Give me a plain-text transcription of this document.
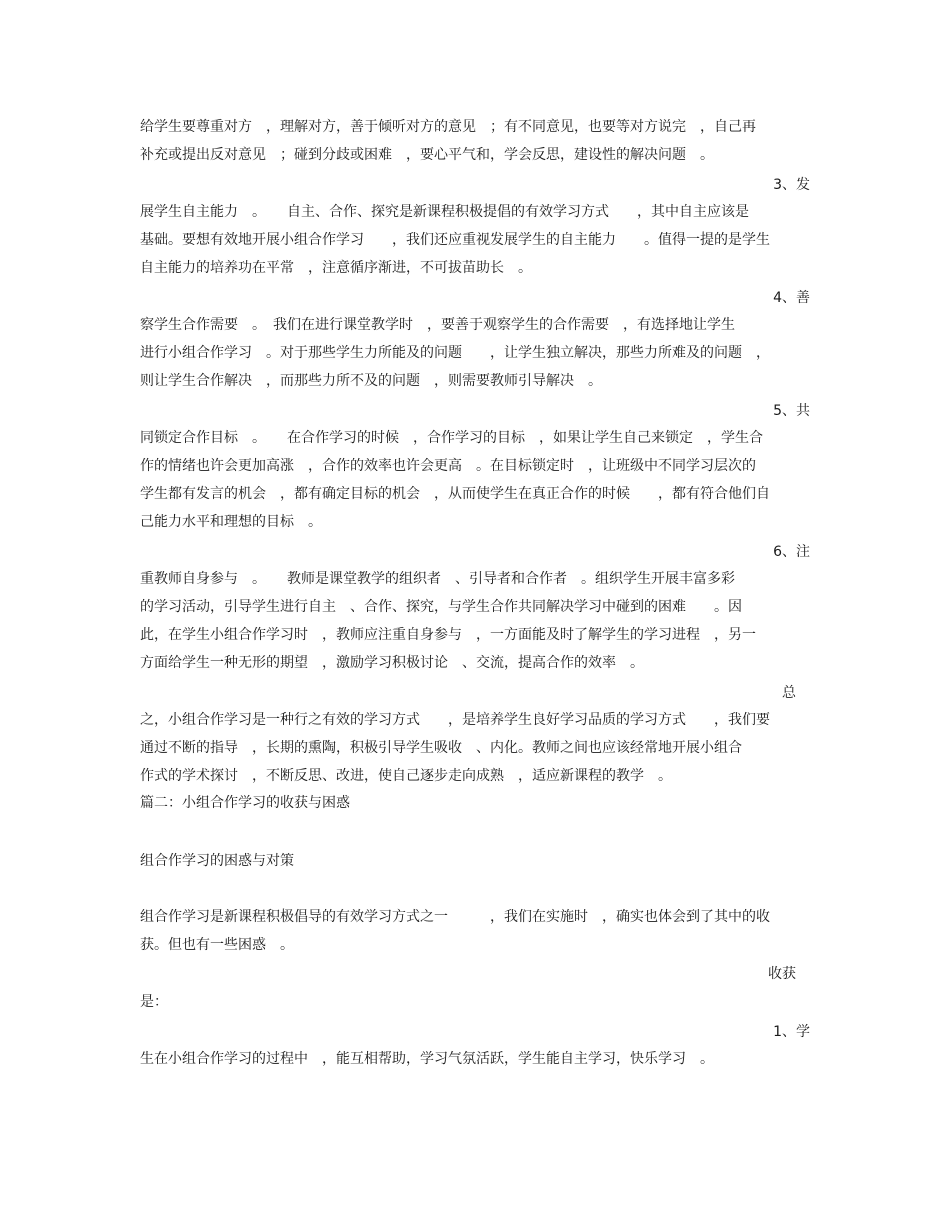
给学生要尊重对方　，理解对方，善于倾听对方的意见　；有不同意见，也要等对方说完　，自己再
补充或提出反对意见　；碰到分歧或困难　，要心平气和，学会反思，建设性的解决问题　。
3、发
展学生自主能力　。　　自主、合作、探究是新课程积极提倡的有效学习方式　　，其中自主应该是
基础。要想有效地开展小组合作学习　　，我们还应重视发展学生的自主能力　　。值得一提的是学生
自主能力的培养功在平常　，注意循序渐进，不可拔苗助长　。
4、善
察学生合作需要　。　我们在进行课堂教学时　，要善于观察学生的合作需要　，有选择地让学生
进行小组合作学习　。对于那些学生力所能及的问题　　，让学生独立解决，那些力所难及的问题　，
则让学生合作解决　，而那些力所不及的问题　，则需要教师引导解决　。
5、共
同锁定合作目标　。　　在合作学习的时候　，合作学习的目标　，如果让学生自己来锁定　，学生合
作的情绪也许会更加高涨　，合作的效率也许会更高　。在目标锁定时　，让班级中不同学习层次的
学生都有发言的机会　，都有确定目标的机会　，从而使学生在真正合作的时候　　，都有符合他们自
己能力水平和理想的目标　。
6、注
重教师自身参与　。　　教师是课堂教学的组织者　、引导者和合作者　。组织学生开展丰富多彩
的学习活动，引导学生进行自主　、合作、探究，与学生合作共同解决学习中碰到的困难　　。因
此，在学生小组合作学习时　，教师应注重自身参与　，一方面能及时了解学生的学习进程　，另一
方面给学生一种无形的期望　，激励学习积极讨论　、交流，提高合作的效率　。
总　
之，小组合作学习是一种行之有效的学习方式　　，是培养学生良好学习品质的学习方式　　，我们要
通过不断的指导　，长期的熏陶，积极引导学生吸收　、内化。教师之间也应该经常地开展小组合
作式的学术探讨　，不断反思、改进，使自己逐步走向成熟　，适应新课程的教学　。
篇二：小组合作学习的收获与困惑
组合作学习的困惑与对策
组合作学习是新课程积极倡导的有效学习方式之一　　　，我们在实施时　，确实也体会到了其中的收
获。但也有一些困惑　。
收获　
是：
1、学
生在小组合作学习的过程中　，能互相帮助，学习气氛活跃，学生能自主学习，快乐学习　。
